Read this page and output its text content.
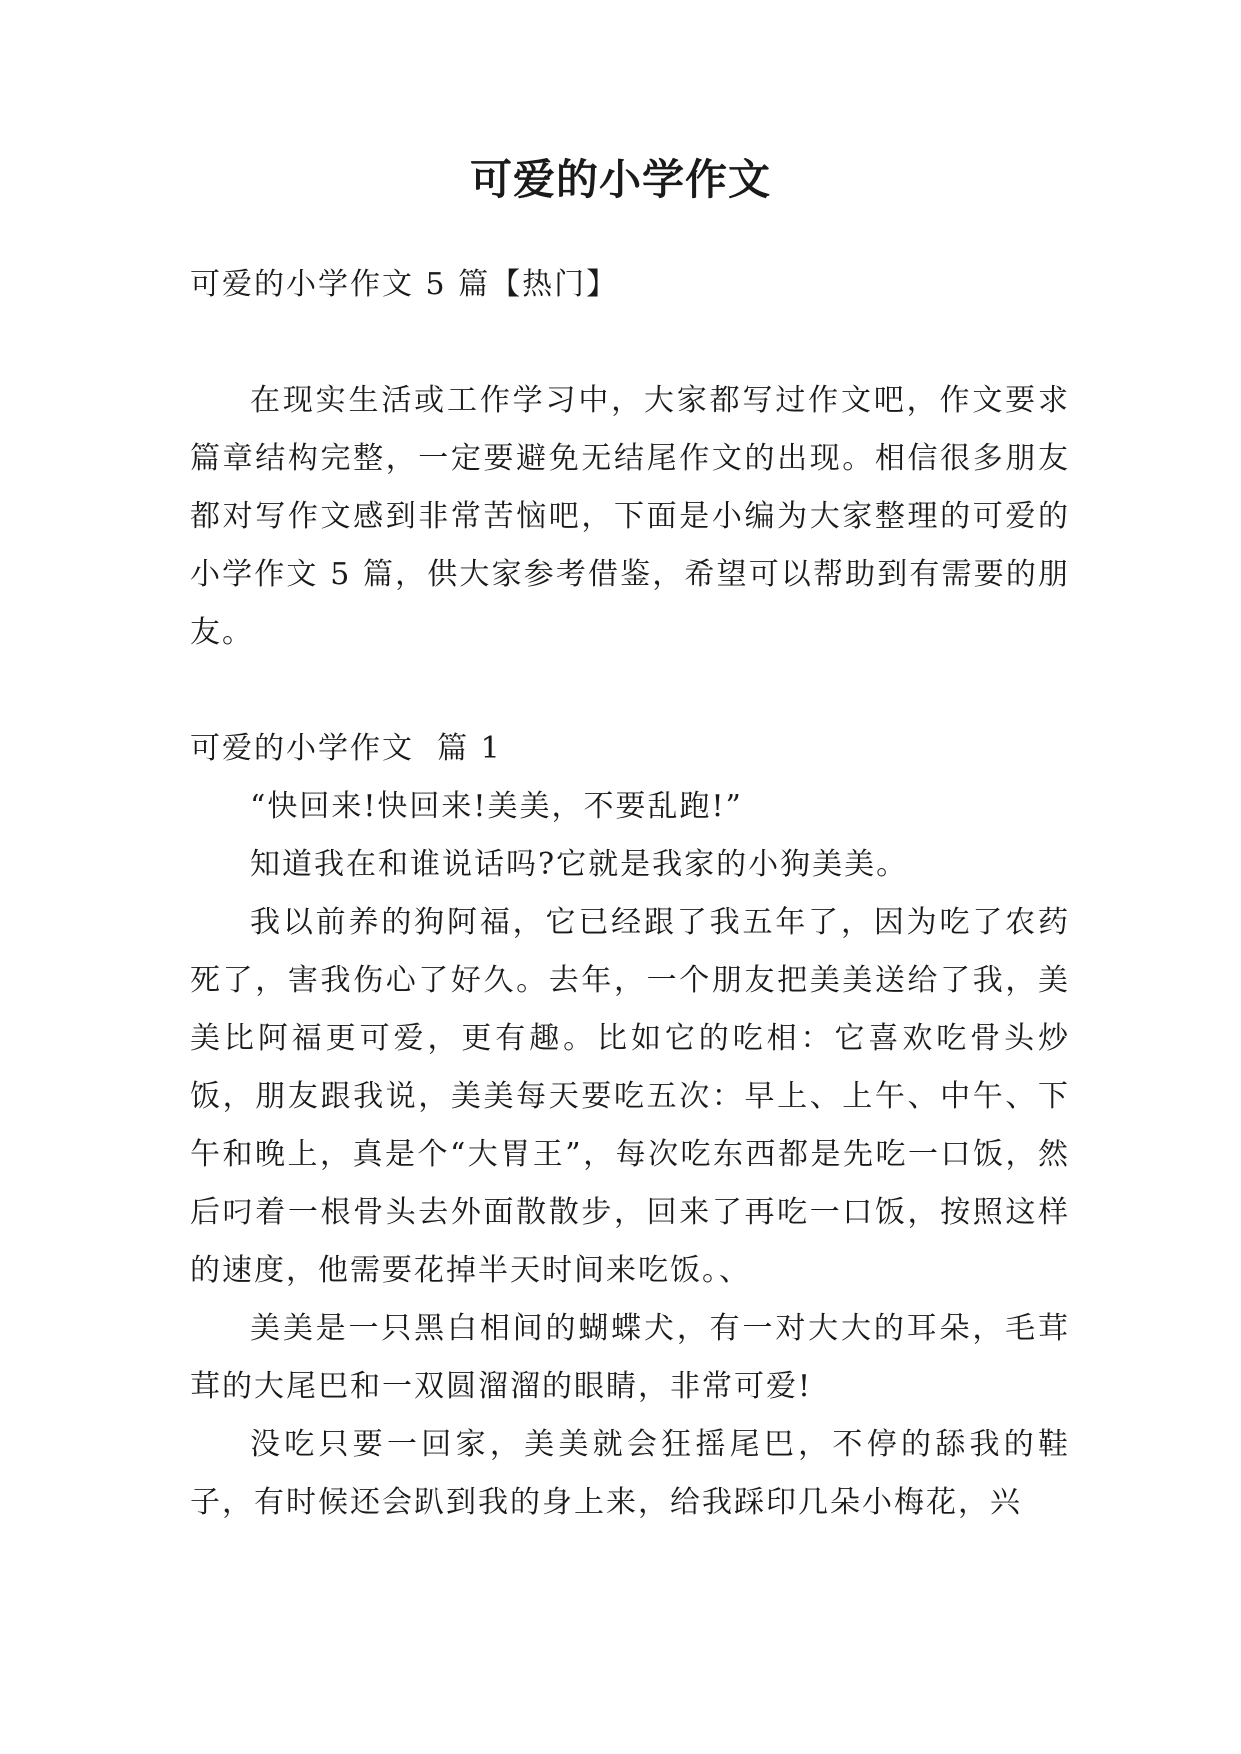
可爱的小学作文

可爱的小学作文 5 篇【热门】

在现实生活或工作学习中，大家都写过作文吧，作文要求篇章结构完整，一定要避免无结尾作文的出现。相信很多朋友都对写作文感到非常苦恼吧，下面是小编为大家整理的可爱的小学作文 5 篇，供大家参考借鉴，希望可以帮助到有需要的朋友。

可爱的小学作文  篇 1

“快回来!快回来!美美，不要乱跑!”

知道我在和谁说话吗?它就是我家的小狗美美。

我以前养的狗阿福，它已经跟了我五年了，因为吃了农药死了，害我伤心了好久。去年，一个朋友把美美送给了我，美美比阿福更可爱，更有趣。比如它的吃相：它喜欢吃骨头炒饭，朋友跟我说，美美每天要吃五次：早上、上午、中午、下午和晚上，真是个“大胃王”，每次吃东西都是先吃一口饭，然后叼着一根骨头去外面散散步，回来了再吃一口饭，按照这样的速度，他需要花掉半天时间来吃饭。、

美美是一只黑白相间的蝴蝶犬，有一对大大的耳朵，毛茸茸的大尾巴和一双圆溜溜的眼睛，非常可爱!

没吃只要一回家，美美就会狂摇尾巴，不停的舔我的鞋子，有时候还会趴到我的身上来，给我踩印几朵小梅花，兴
